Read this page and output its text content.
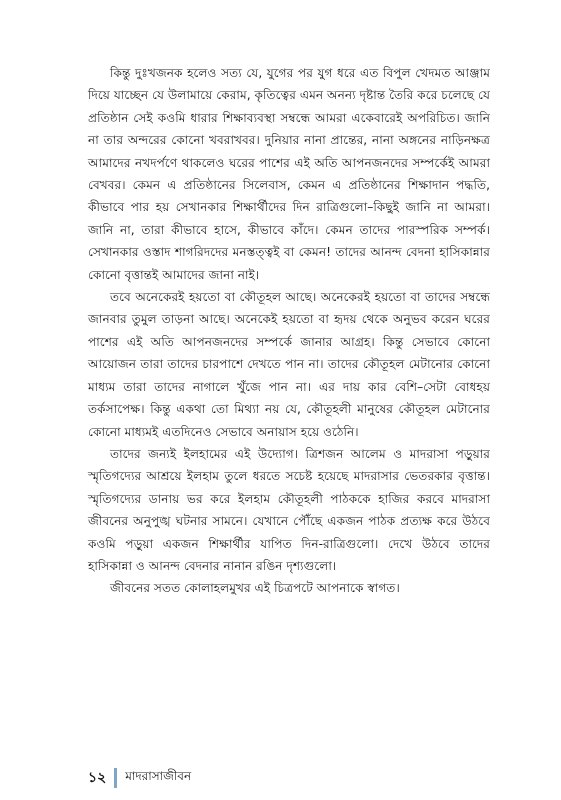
কিন্তু দুঃখজনক হলেও সত্য যে, যুগের পর যুগ ধরে এত বিপুল খেদমত আঞ্জাম দিয়ে যাচ্ছেন যে উলামায়ে কেরাম, কৃতিত্বের এমন অনন্য দৃষ্টান্ত তৈরি করে চলেছে যে প্রতিষ্ঠান সেই কওমি ধারার শিক্ষাব্যবস্থা সম্বন্ধে আমরা একেবারেই অপরিচিত। জানি না তার অন্দরের কোনো খবরাখবর। দুনিয়ার নানা প্রান্তের, নানা অঙ্গনের নাড়িনক্ষত্র আমাদের নখদর্পণে থাকলেও ঘরের পাশের এই অতি আপনজনদের সম্পর্কেই আমরা বেখবর। কেমন এ প্রতিষ্ঠানের সিলেবাস, কেমন এ প্রতিষ্ঠানের শিক্ষাদান পদ্ধতি, কীভাবে পার হয় সেখানকার শিক্ষার্থীদের দিন রাত্রিগুলো–কিছুই জানি না আমরা। জানি না, তারা কীভাবে হাসে, কীভাবে কাঁদে। কেমন তাদের পারস্পরিক সম্পর্ক। সেখানকার ওস্তাদ শাগরিদদের মনস্তত্ত্বই বা কেমন! তাদের আনন্দ বেদনা হাসিকান্নার কোনো বৃত্তান্তই আমাদের জানা নাই।

তবে অনেকেরই হয়তো বা কৌতূহল আছে। অনেকেরই হয়তো বা তাদের সম্বন্ধে জানবার তুমুল তাড়না আছে। অনেকেই হয়তো বা হৃদয় থেকে অনুভব করেন ঘরের পাশের এই অতি আপনজনদের সম্পর্কে জানার আগ্রহ। কিন্তু সেভাবে কোনো আয়োজন তারা তাদের চারপাশে দেখতে পান না। তাদের কৌতূহল মেটানোর কোনো মাধ্যম তারা তাদের নাগালে খুঁজে পান না। এর দায় কার বেশি–সেটা বোধহয় তর্কসাপেক্ষ। কিন্তু একথা তো মিথ্যা নয় যে, কৌতূহলী মানুষের কৌতূহল মেটানোর কোনো মাধ্যমই এতদিনেও সেভাবে অনায়াস হয়ে ওঠেনি।

তাদের জন্যই ইলহামের এই উদ্যোগ। ত্রিশজন আলেম ও মাদরাসা পড়ুয়ার স্মৃতিগদ্যের আশ্রয়ে ইলহাম তুলে ধরতে সচেষ্ট হয়েছে মাদরাসার ভেতরকার বৃত্তান্ত। স্মৃতিগদ্যের ডানায় ভর করে ইলহাম কৌতূহলী পাঠককে হাজির করবে মাদরাসা জীবনের অনুপুঙ্খ ঘটনার সামনে। যেখানে পৌঁছে একজন পাঠক প্রত্যক্ষ করে উঠবে কওমি পড়ুয়া একজন শিক্ষার্থীর যাপিত দিন-রাত্রিগুলো। দেখে উঠবে তাদের হাসিকান্না ও আনন্দ বেদনার নানান রঙিন দৃশ্যগুলো।

জীবনের সতত কোলাহলমুখর এই চিত্রপটে আপনাকে স্বাগত।

১২ মাদরাসাজীবন
